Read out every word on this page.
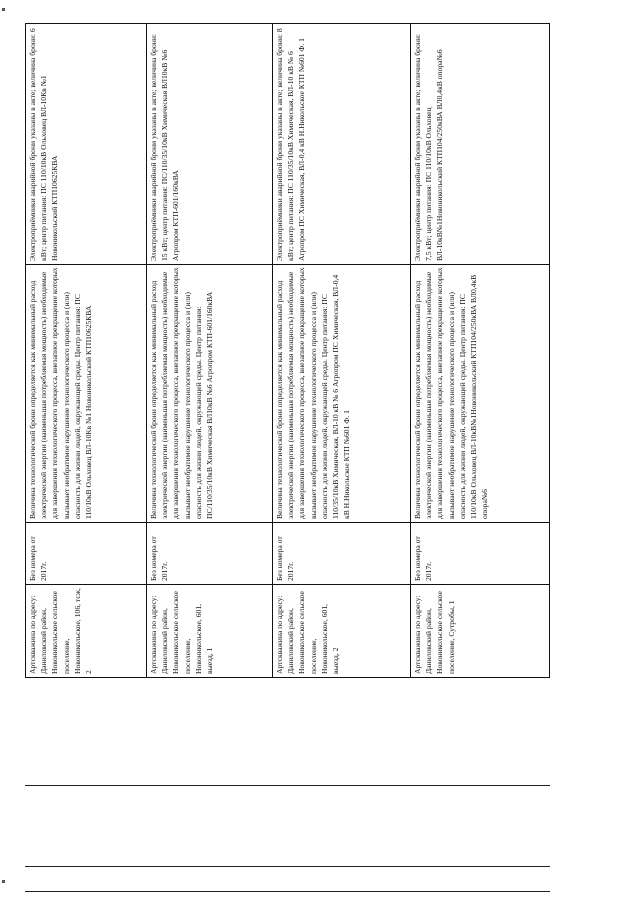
Артскважина по адресу: Даниловский район, Новоникольское сельское поселение, Новоникольское, 106, тсж, 2
Без номера от 2017г.
Величина технологической брони определяется как минимальный расход электрической энергии (наименьшая потребляемая мощность) необходимые для завершения технологического процесса, внезапное прекращение которых вызывает необратимое нарушение технологического процесса и (или) опасность для жизни людей, окружающей среды. Центр питания: ПС 110/10кВ Ольховец ВЛ-10Кв №1 Новоникольский КТП10625КВА
Электроприёмники аварийной брони указаны в акте; величина брони: 6 кВт; центр питания: ПС 110/10кВ Ольховец ВЛ-10Кв №1 Новоникольский КТП10625КВА
Артскважина по адресу: Даниловский район, Новоникольское сельское поселение, Новоникольское, 601, выезд, 1
Без номера от 2017г.
Величина технологической брони определяется как минимальный расход электрической энергии (наименьшая потребляемая мощность) необходимые для завершения технологического процесса, внезапное прекращение которых вызывает необратимое нарушение технологического процесса и (или) опасность для жизни людей, окружающей среды. Центр питания: ПС/110/35/10кВ Химическая ВЛ10кВ №6 Агропром КТП-601/160кВА
Электроприёмники аварийной брони указаны в акте; величина брони: 15 кВт; центр питания: ПС/110/35/10кВ Химическая ВЛ10кВ №6 Агропром КТП-601/160кВА
Артскважина по адресу: Даниловский район, Новоникольское сельское поселение, Новоникольское, 601, выезд, 2
Без номера от 2017г.
Величина технологической брони определяется как минимальный расход электрической энергии (наименьшая потребляемая мощность) необходимые для завершения технологического процесса, внезапное прекращение которых вызывает необратимое нарушение технологического процесса и (или) опасность для жизни людей, окружающей среды. Центр питания: ПС 110/35/10кВ Химическая, ВЛ-10 кВ № 6 Агропром ПС Химическая, ВЛ-0,4 кВ Н.Никольское КТП №601 Ф. 1
Электроприёмники аварийной брони указаны в акте; величина брони: 8 кВт; центр питания: ПС 110/35/10кВ Химическая, ВЛ-10 кВ № 6 Агропром ПС Химическая, ВЛ-0,4 кВ Н.Никольское КТП №601 Ф. 1
Артскважина по адресу: Даниловский район, Новоникольское сельское поселение, Сутробы, 1
Без номера от 2017г.
Величина технологической брони определяется как минимальный расход электрической энергии (наименьшая потребляемая мощность) необходимые для завершения технологического процесса, внезапное прекращение которых вызывает необратимое нарушение технологического процесса и (или) опасность для жизни людей, окружающей среды. Центр питания: ПС 110/10кВ Ольховец ВЛ-10кВ№1Новоникольский КТП104/250кВА ВЛ0,4кВ опора№6
Электроприёмники аварийной брони указаны в акте; величина брони: 7,5 кВт; центр питания: ПС 110/10кВ Ольховец ВЛ-10кВ№1Новоникольский КТП104/250кВА ВЛ0,4кВ опора№6
